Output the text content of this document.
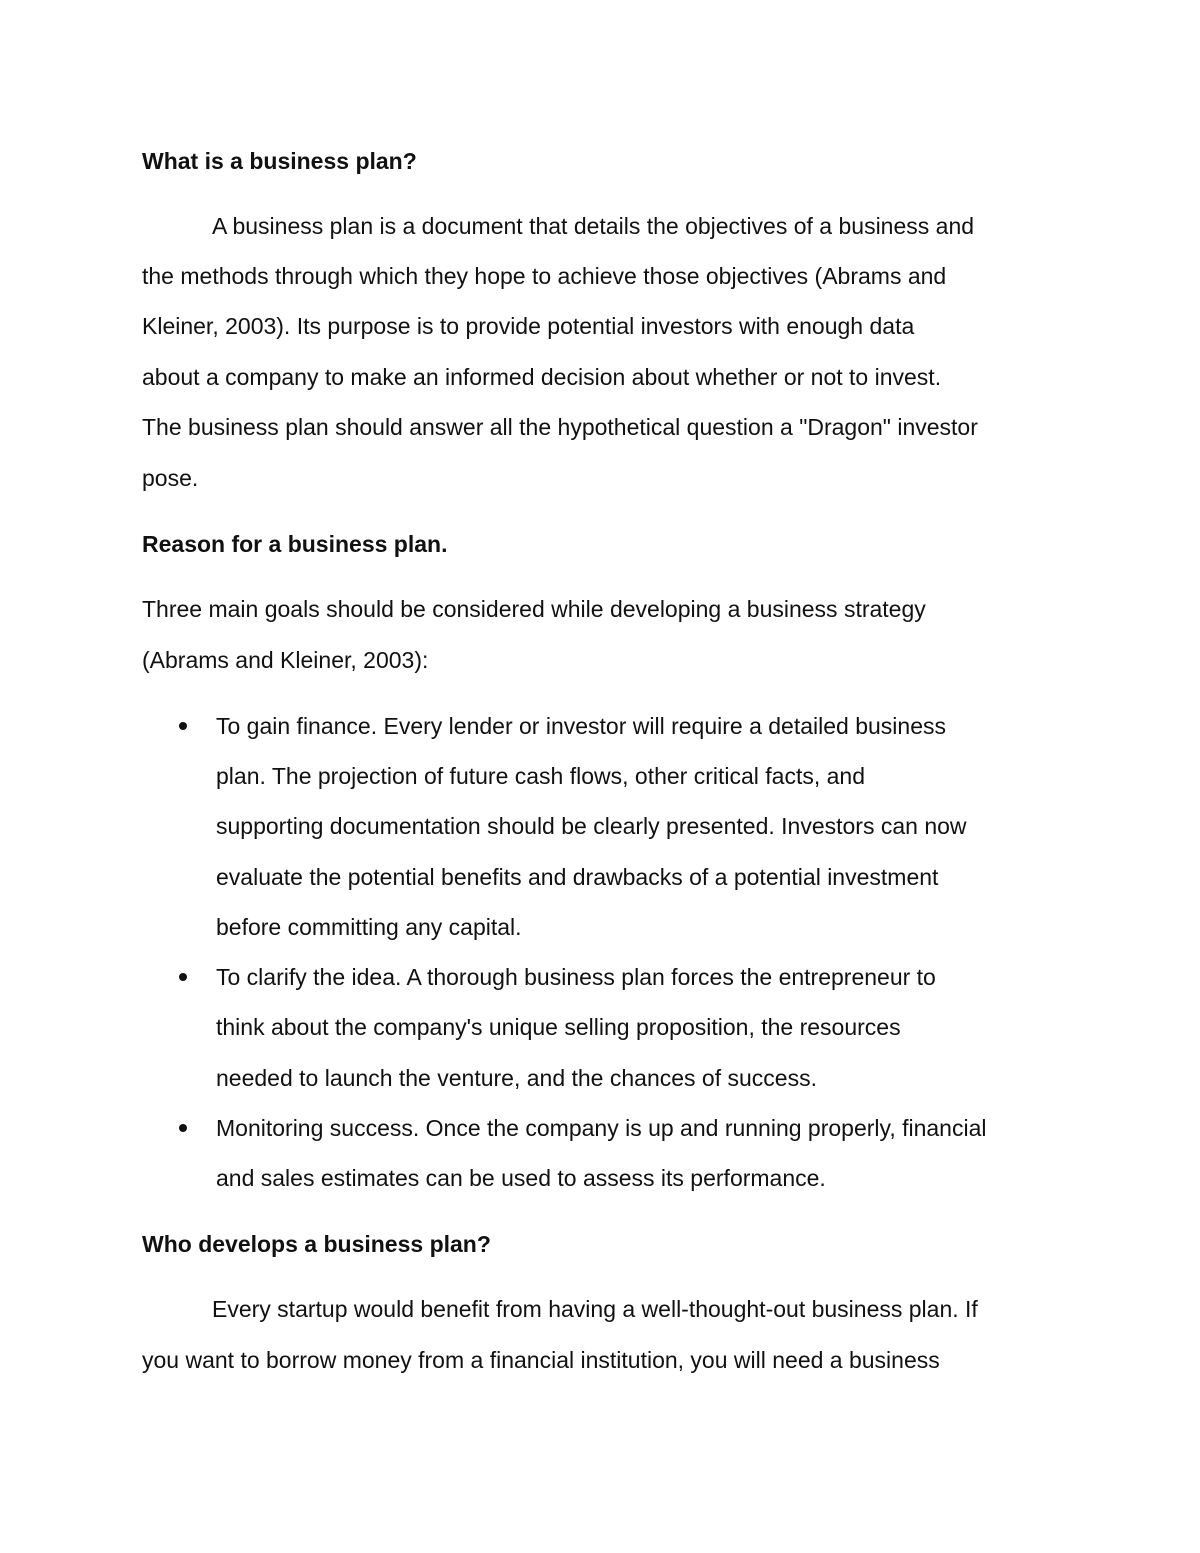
What is a business plan?
A business plan is a document that details the objectives of a business and
the methods through which they hope to achieve those objectives (Abrams and
Kleiner, 2003). Its purpose is to provide potential investors with enough data
about a company to make an informed decision about whether or not to invest.
The business plan should answer all the hypothetical question a "Dragon" investor
pose.
Reason for a business plan.
Three main goals should be considered while developing a business strategy
(Abrams and Kleiner, 2003):
To gain finance. Every lender or investor will require a detailed business
plan. The projection of future cash flows, other critical facts, and
supporting documentation should be clearly presented. Investors can now
evaluate the potential benefits and drawbacks of a potential investment
before committing any capital.
To clarify the idea. A thorough business plan forces the entrepreneur to
think about the company's unique selling proposition, the resources
needed to launch the venture, and the chances of success.
Monitoring success. Once the company is up and running properly, financial
and sales estimates can be used to assess its performance.
Who develops a business plan?
Every startup would benefit from having a well-thought-out business plan. If
you want to borrow money from a financial institution, you will need a business
